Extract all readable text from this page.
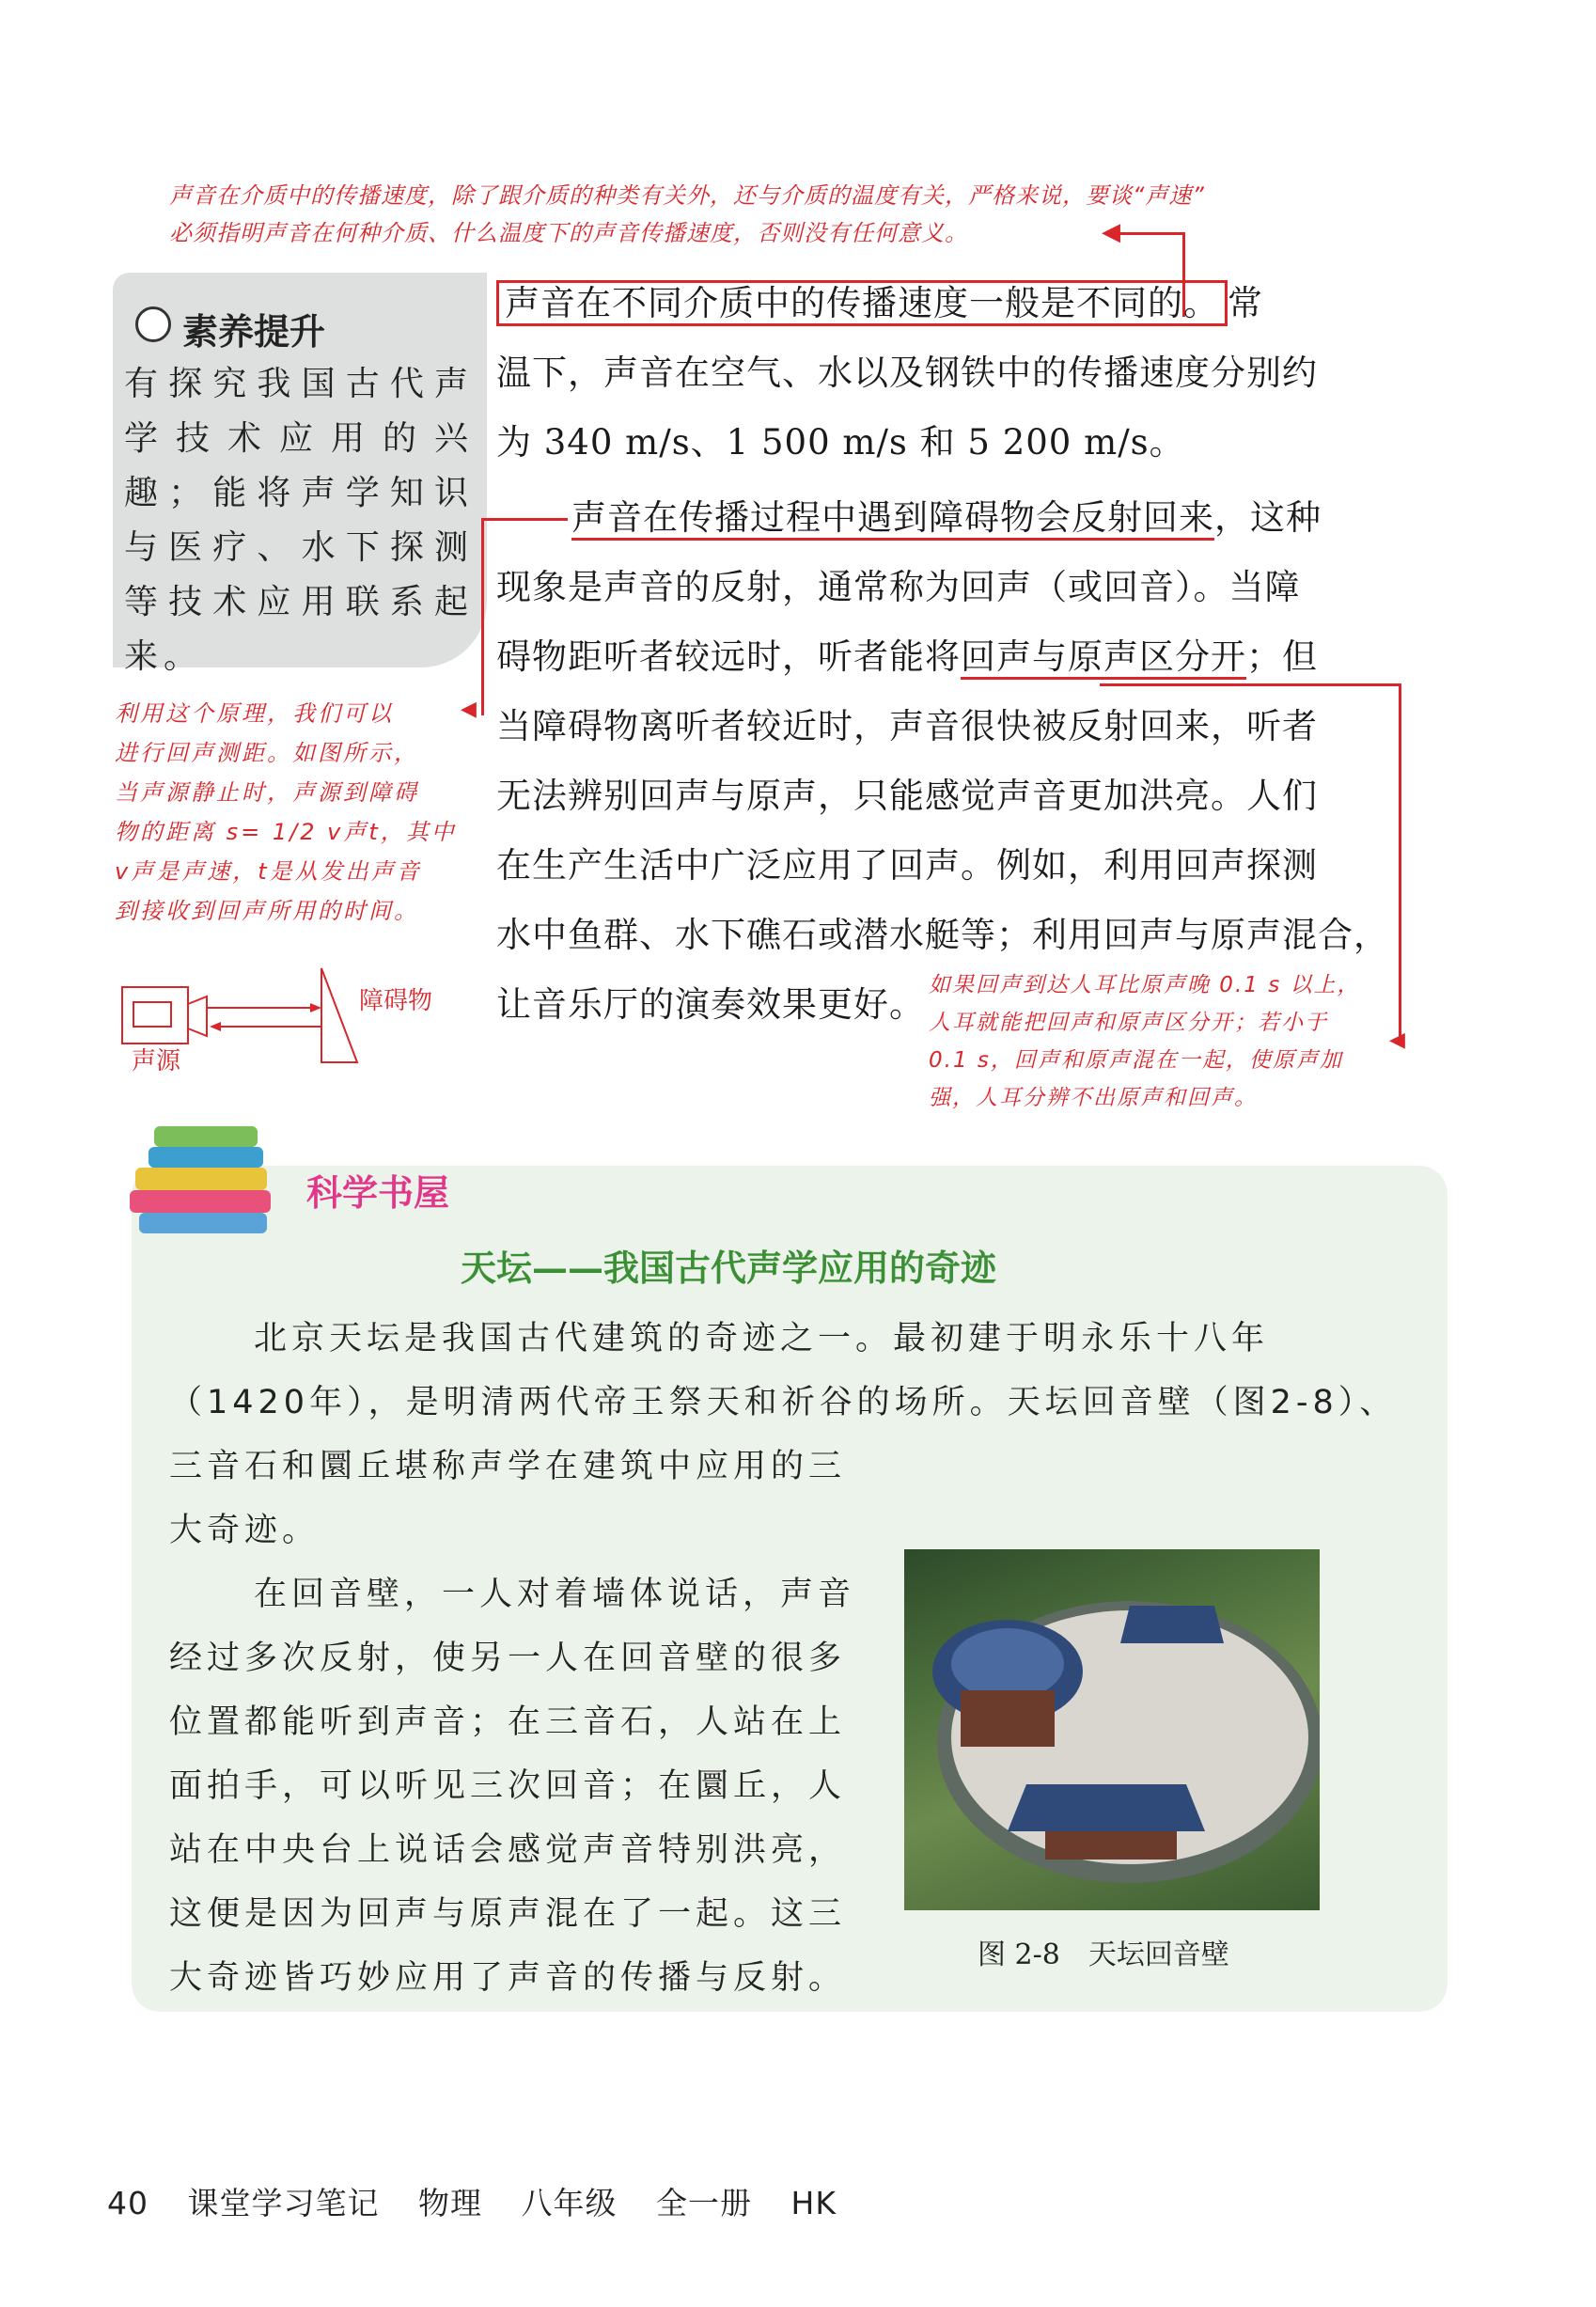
声音在介质中的传播速度，除了跟介质的种类有关外，还与介质的温度有关，严格来说，要谈“声速”
必须指明声音在何种介质、什么温度下的声音传播速度，否则没有任何意义。	◀
素养提升
有探究我国古代声学技术应用的兴趣；能将声学知识与医疗、水下探测等技术应用联系起来。

声音在不同介质中的传播速度一般是不同的。 常

温下，声音在空气、水以及钢铁中的传播速度分别约

为 340 m/s、1 500 m/s 和 5 200 m/s。

声音在传播过程中遇到障碍物会反射回来，这种

现象是声音的反射，通常称为回声（或回音）。当障

碍物距听者较远时，听者能将回声与原声区分开；但

当障碍物离听者较近时，声音很快被反射回来，听者

无法辨别回声与原声，只能感觉声音更加洪亮。人们

在生产生活中广泛应用了回声。例如，利用回声探测

水中鱼群、水下礁石或潜水艇等；利用回声与原声混合，

让音乐厅的演奏效果更好。

◀
◀
利用这个原理，我们可以
进行回声测距。如图所示，
当声源静止时，声源到障碍
物的距离 s= 1/2 v声t，其中
v声是声速，t是从发出声音
到接收到回声所用的时间。
障碍物
声源
如果回声到达人耳比原声晚 0.1 s 以上，
人耳就能把回声和原声区分开；若小于
0.1 s，回声和原声混在一起，使原声加
强，人耳分辨不出原声和回声。
科学书屋
天坛——我国古代声学应用的奇迹
北京天坛是我国古代建筑的奇迹之一。最初建于明永乐十八年
（1420年），是明清两代帝王祭天和祈谷的场所。天坛回音壁（图2-8）、
三音石和圜丘堪称声学在建筑中应用的三
大奇迹。
在回音壁，一人对着墙体说话，声音
经过多次反射，使另一人在回音壁的很多
位置都能听到声音；在三音石，人站在上
面拍手，可以听见三次回音；在圜丘，人
站在中央台上说话会感觉声音特别洪亮，
这便是因为回声与原声混在了一起。这三
大奇迹皆巧妙应用了声音的传播与反射。
图 2-8　天坛回音壁
40 课堂学习笔记 物理 八年级 全一册 HK
